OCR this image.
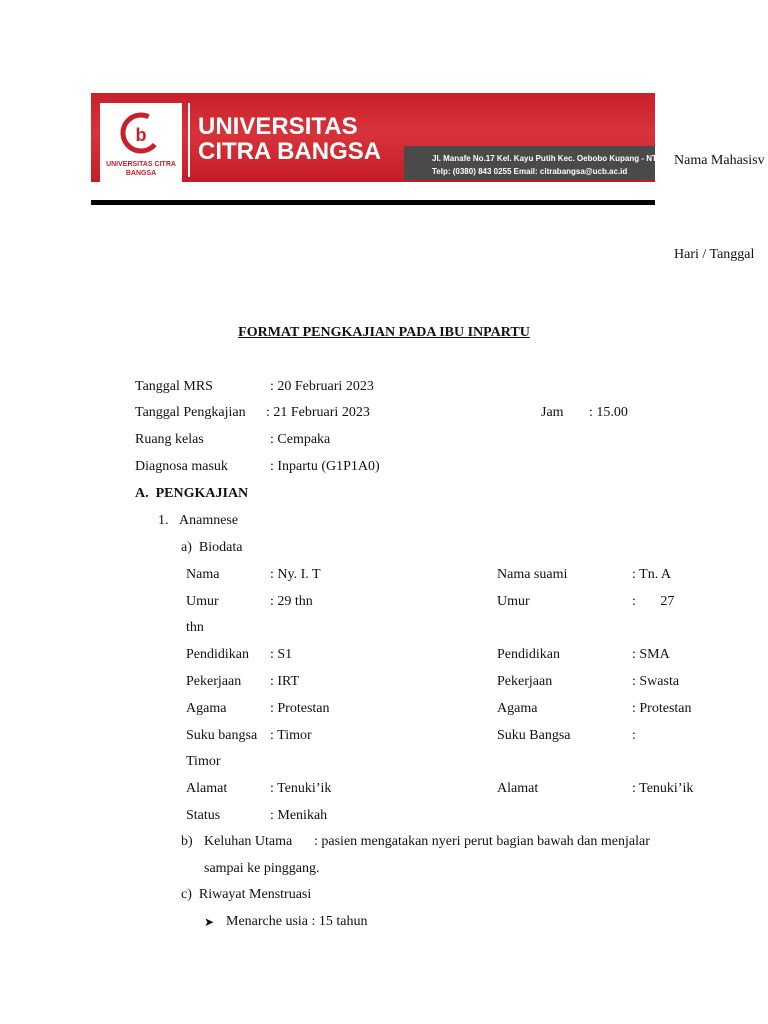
b
UNIVERSITAS CITRA BANGSA
UNIVERSITAS CITRA BANGSA	Jl. Manafe No.17 Kel. Kayu Putih Kec. Oebobo Kupang - NTT
Telp: (0380) 843 0255 Email: citrabangsa@ucb.ac.id
Nama Mahasisv
Hari / Tanggal
FORMAT PENGKAJIAN PADA IBU INPARTU
Tanggal MRS	: 20 Februari 2023
Tanggal Pengkajian : 21 Februari 2023	Jam : 15.00
Ruang kelas	: Cempaka
Diagnosa masuk	: Inpartu (G1P1A0)
A.  PENGKAJIAN
1.   Anamnese
a)  Biodata
Nama	: Ny. I. T	Nama suami	: Tn. A
Umur	: 29 thn	Umur	:       27
thn
Pendidikan : S1	Pendidikan	: SMA
Pekerjaan : IRT	Pekerjaan	: Swasta
Agama	: Protestan	Agama	: Protestan
Suku bangsa : Timor	Suku Bangsa	:
Timor
Alamat	: Tenuki’ik	Alamat	: Tenuki’ik
Status	: Menikah
b) Keluhan Utama : pasien mengatakan nyeri perut bagian bawah dan menjalar
sampai ke pinggang.
c)  Riwayat Menstruasi
➤ Menarche usia : 15 tahun
